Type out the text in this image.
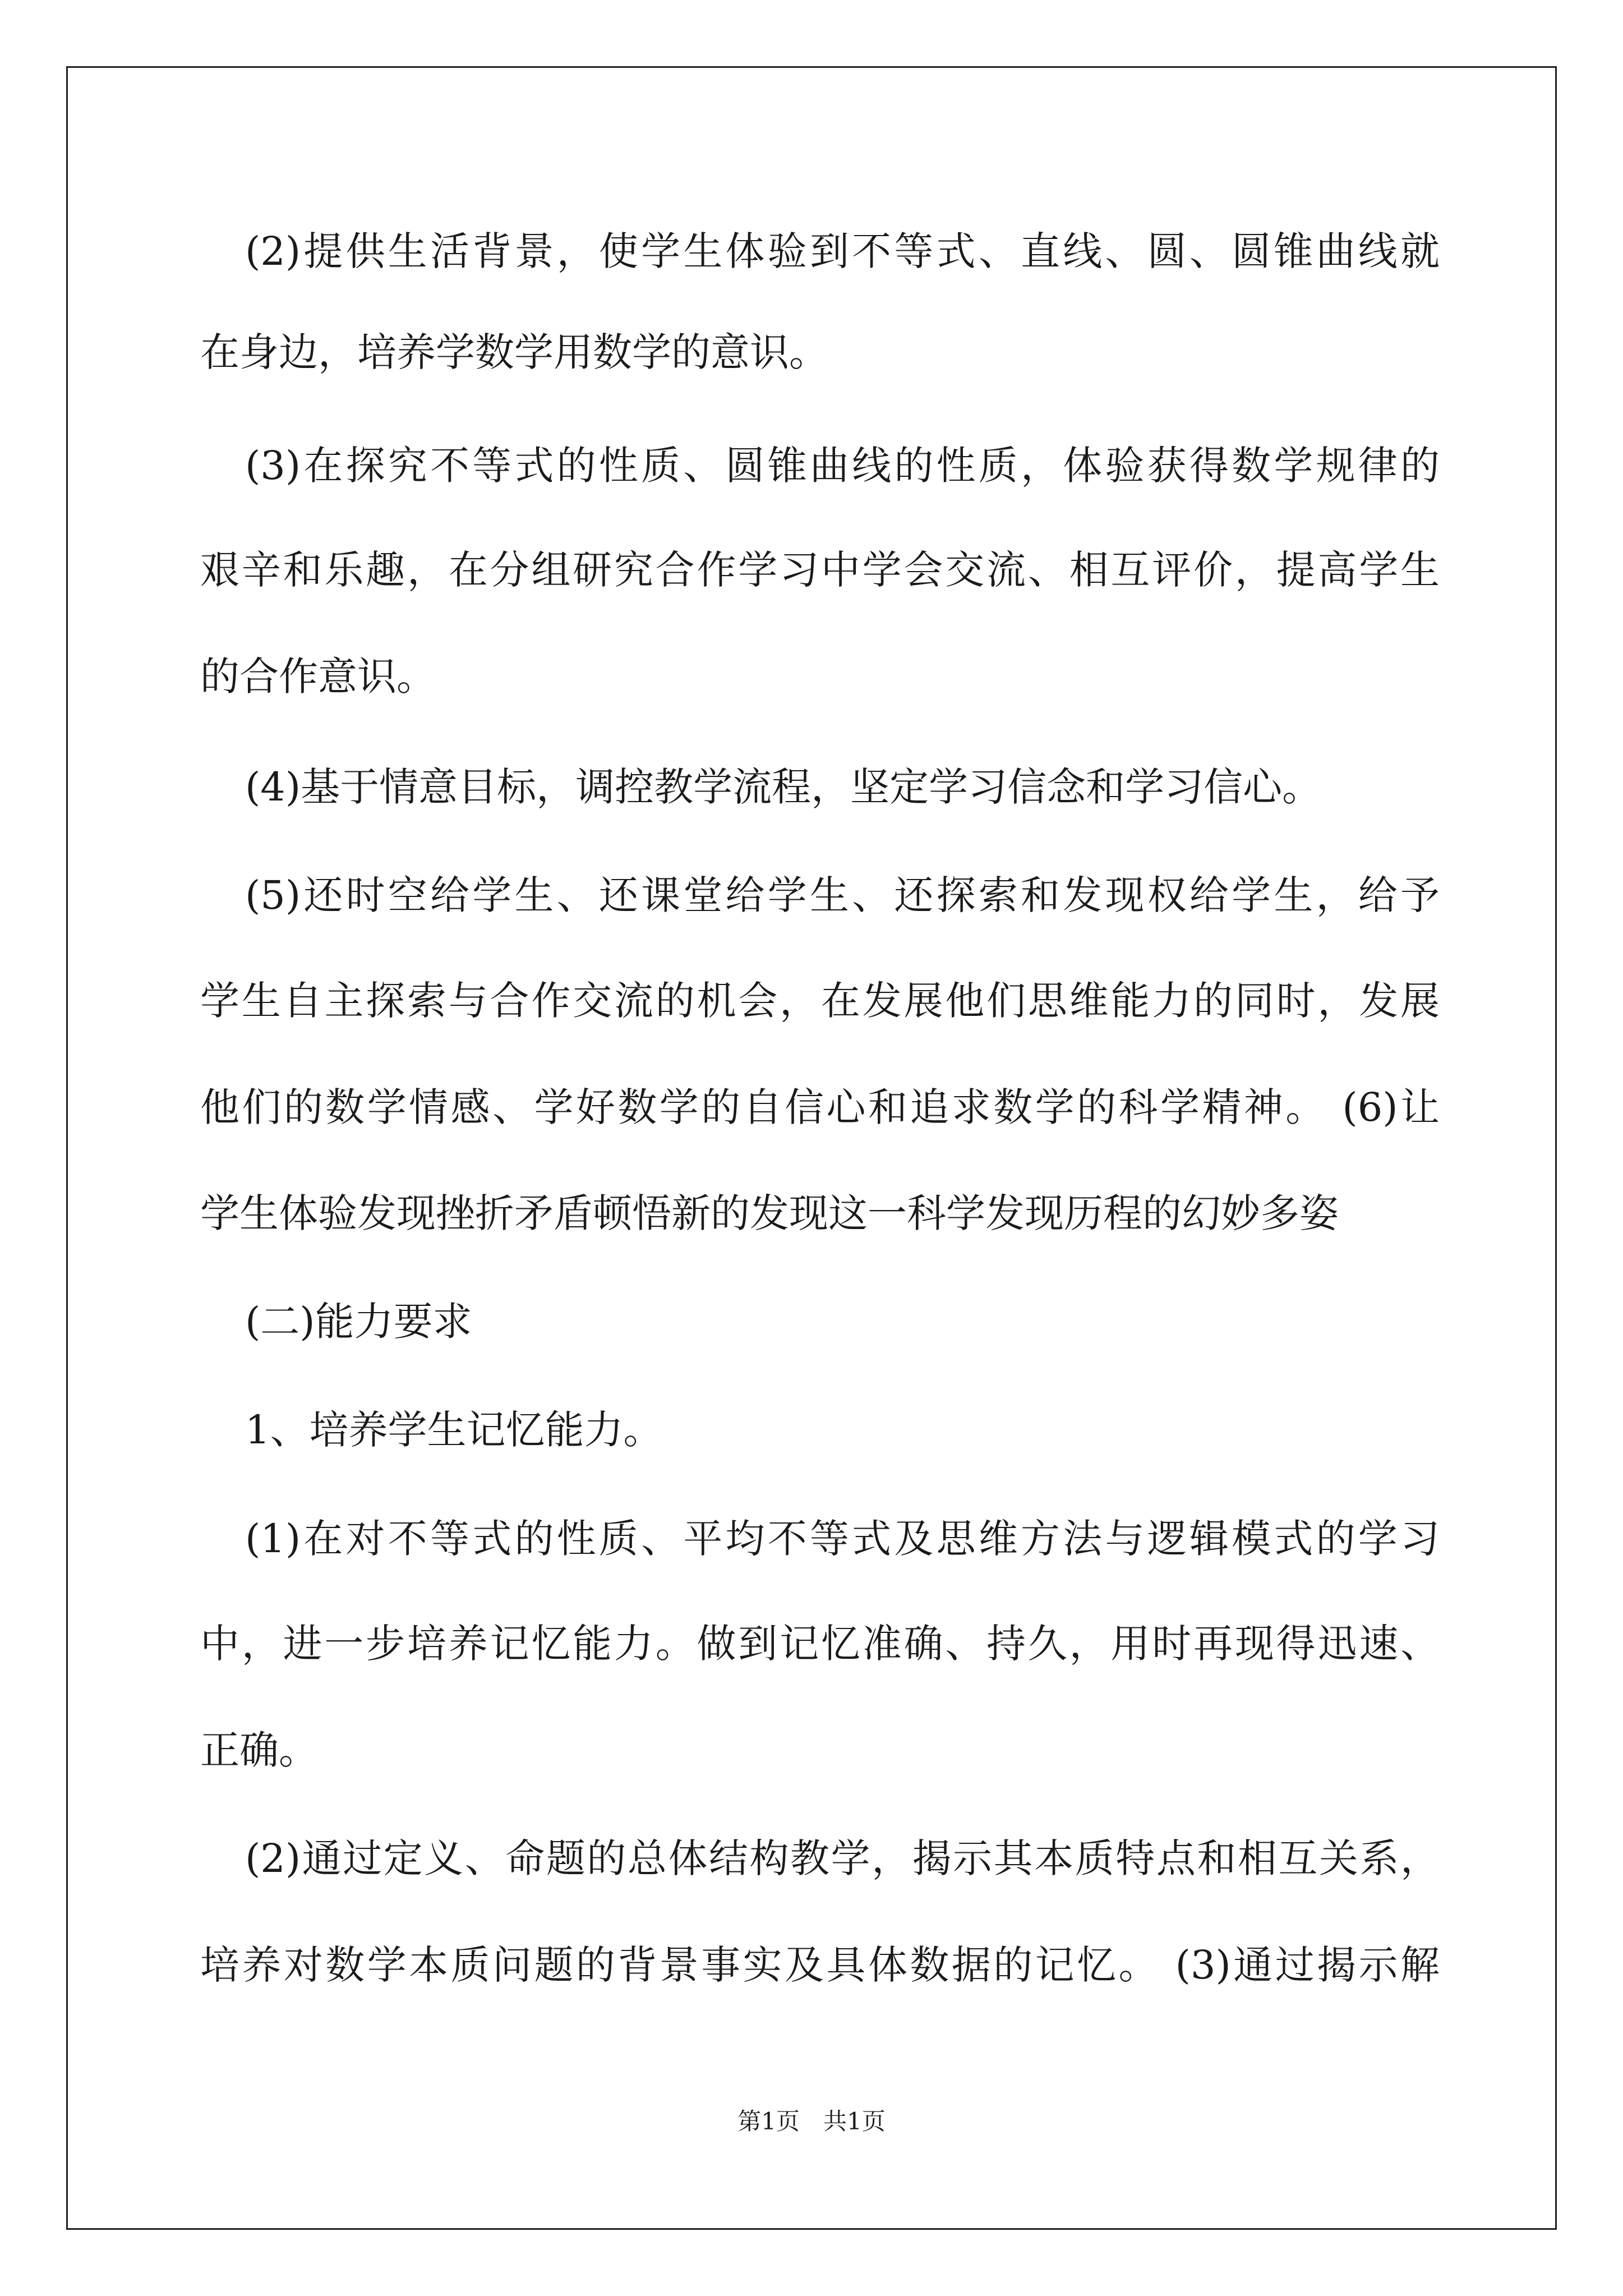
(2)提供生活背景，使学生体验到不等式、直线、圆、圆锥曲线就
在身边，培养学数学用数学的意识。
(3)在探究不等式的性质、圆锥曲线的性质，体验获得数学规律的
艰辛和乐趣，在分组研究合作学习中学会交流、相互评价，提高学生
的合作意识。
(4)基于情意目标，调控教学流程，坚定学习信念和学习信心。
(5)还时空给学生、还课堂给学生、还探索和发现权给学生，给予
学生自主探索与合作交流的机会，在发展他们思维能力的同时，发展
他们的数学情感、学好数学的自信心和追求数学的科学精神。 (6)让
学生体验发现挫折矛盾顿悟新的发现这一科学发现历程的幻妙多姿
(二)能力要求
1、培养学生记忆能力。
(1)在对不等式的性质、平均不等式及思维方法与逻辑模式的学习
中，进一步培养记忆能力。做到记忆准确、持久，用时再现得迅速、
正确。
(2)通过定义、命题的总体结构教学，揭示其本质特点和相互关系，
培养对数学本质问题的背景事实及具体数据的记忆。 (3)通过揭示解
第1页　共1页
